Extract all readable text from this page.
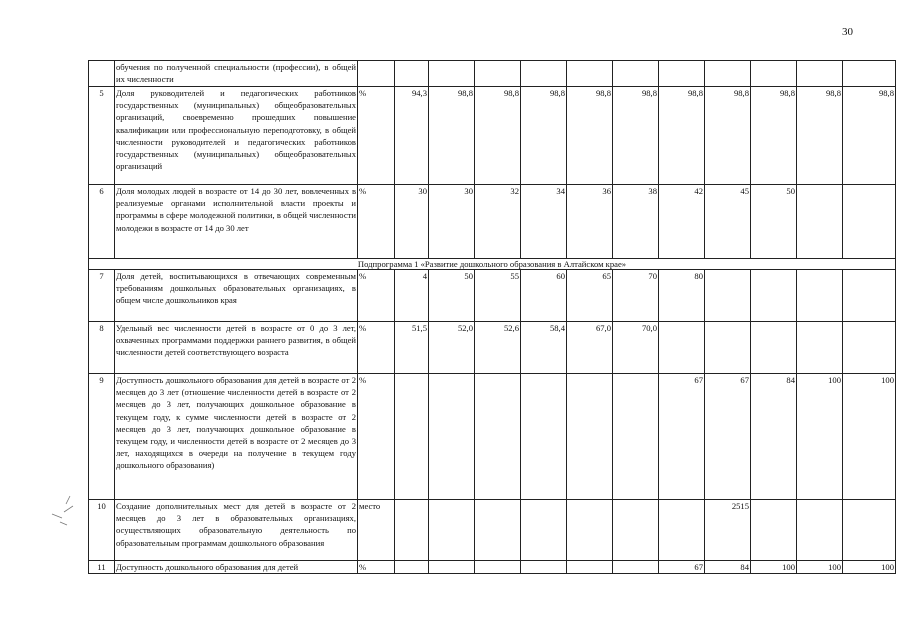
30
	обучения по полученной специальности (профессии), в общей их численности												
5	Доля руководителей и педагогических работников государственных (муниципальных) общеобразовательных организаций, своевременно прошедших повышение квалификации или профессиональную переподготовку, в общей численности руководителей и педагогических работников государственных (муниципальных) общеобразовательных организаций	%	94,3	98,8	98,8	98,8	98,8	98,8	98,8	98,8	98,8	98,8	98,8
6	Доля молодых людей в возрасте от 14 до 30 лет, вовлеченных в реализуемые органами исполнительной власти проекты и программы в сфере молодежной политики, в общей численности молодежи в возрасте от 14 до 30 лет	%	30	30	32	34	36	38	42	45	50		
Подпрограмма 1 «Развитие дошкольного образования в Алтайском крае»													
7	Доля детей, воспитывающихся в отвечающих современным требованиям дошкольных образовательных организациях, в общем числе дошкольников края	%	4	50	55	60	65	70	80				
8	Удельный вес численности детей в возрасте от 0 до 3 лет, охваченных программами поддержки раннего развития, в общей численности детей соответствующего возраста	%	51,5	52,0	52,6	58,4	67,0	70,0					
9	Доступность дошкольного образования для детей в возрасте от 2 месяцев до 3 лет (отношение численности детей в возрасте от 2 месяцев до 3 лет, получающих дошкольное образование в текущем году, к сумме численности детей в возрасте от 2 месяцев до 3 лет, получающих дошкольное образование в текущем году, и численности детей в возрасте от 2 месяцев до 3 лет, находящихся в очереди на получение в текущем году дошкольного образования)	%							67	67	84	100	100
10	Создание дополнительных мест для детей в возрасте от 2 месяцев до 3 лет в образовательных организациях, осуществляющих образовательную деятельность по образовательным программам дошкольного образования	место								2515			
11	Доступность дошкольного образования для детей	%							67	84	100	100	100
